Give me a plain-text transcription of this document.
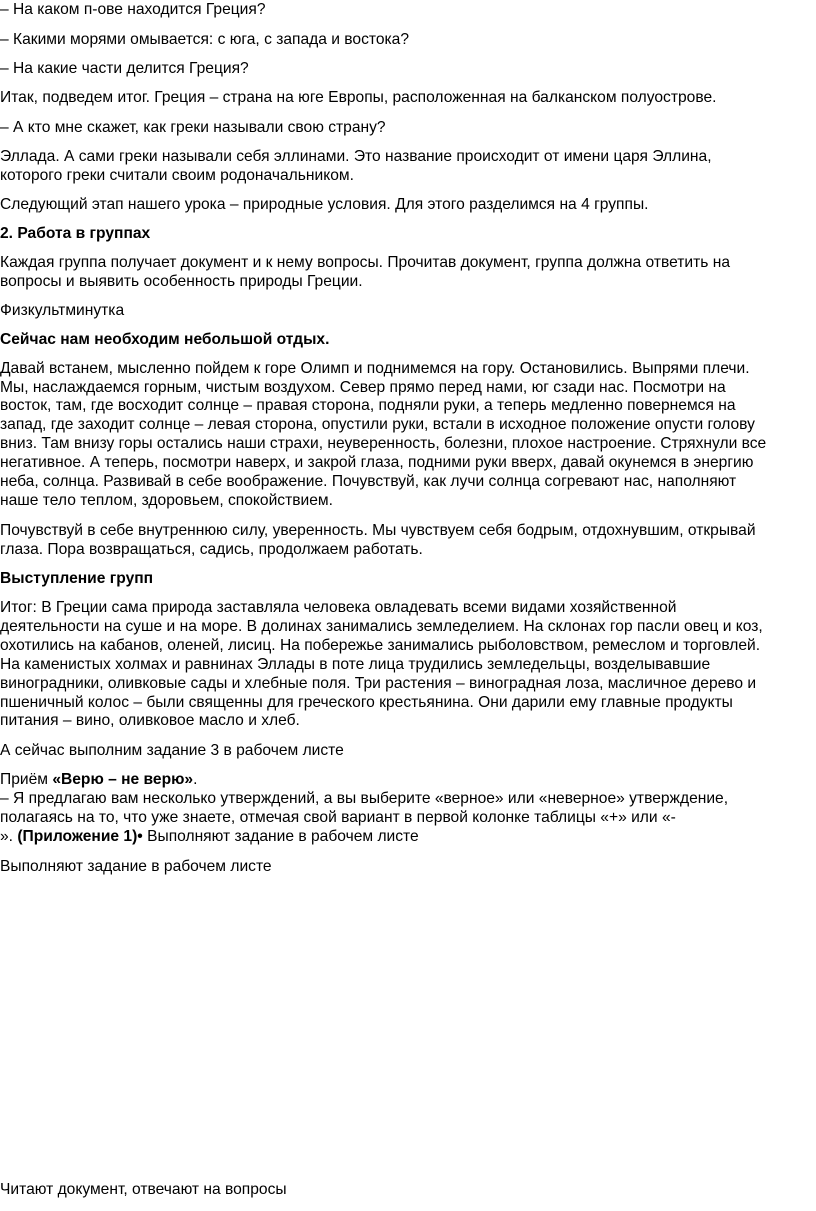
– На каком п-ове находится Греция?

– Какими морями омывается: с юга, с запада и востока?

– На какие части делится Греция?

Итак, подведем итог. Греция – страна на юге Европы, расположенная на балканском полуострове.

– А кто мне скажет, как греки называли свою страну?

Эллада. А сами греки называли себя эллинами. Это название происходит от имени царя Эллина,

которого греки считали своим родоначальником.

Следующий этап нашего урока – природные условия. Для этого разделимся на 4 группы.

2. Работа в группах

Каждая группа получает документ и к нему вопросы. Прочитав документ, группа должна ответить на

вопросы и выявить особенность природы Греции.

Физкультминутка

Сейчас нам необходим небольшой отдых.

Давай встанем, мысленно пойдем к горе Олимп и поднимемся на гору. Остановились. Выпрями плечи.

Мы, наслаждаемся горным, чистым воздухом. Север прямо перед нами, юг сзади нас. Посмотри на

восток, там, где восходит солнце – правая сторона, подняли руки, а теперь медленно повернемся на

запад, где заходит солнце – левая сторона, опустили руки, встали в исходное положение опусти голову

вниз. Там внизу горы остались наши страхи, неуверенность, болезни, плохое настроение. Стряхнули все

негативное. А теперь, посмотри наверх, и закрой глаза, подними руки вверх, давай окунемся в энергию

неба, солнца. Развивай в себе воображение. Почувствуй, как лучи солнца согревают нас, наполняют

наше тело теплом, здоровьем, спокойствием.

Почувствуй в себе внутреннюю силу, уверенность. Мы чувствуем себя бодрым, отдохнувшим, открывай

глаза. Пора возвращаться, садись, продолжаем работать.

Выступление групп

Итог: В Греции сама природа заставляла человека овладевать всеми видами хозяйственной

деятельности на суше и на море. В долинах занимались земледелием. На склонах гор пасли овец и коз,

охотились на кабанов, оленей, лисиц. На побережье занимались рыболовством, ремеслом и торговлей.

На каменистых холмах и равнинах Эллады в поте лица трудились земледельцы, возделывавшие

виноградники, оливковые сады и хлебные поля. Три растения – виноградная лоза, масличное дерево и

пшеничный колос – были священны для греческого крестьянина. Они дарили ему главные продукты

питания – вино, оливковое масло и хлеб.

А сейчас выполним задание 3 в рабочем листе

Приём «Верю – не верю».

– Я предлагаю вам несколько утверждений, а вы выберите «верное» или «неверное» утверждение,

полагаясь на то, что уже знаете, отмечая свой вариант в первой колонке таблицы «+» или «-

». (Приложение 1)• Выполняют задание в рабочем листе

Выполняют задание в рабочем листе

Читают документ, отвечают на вопросы
